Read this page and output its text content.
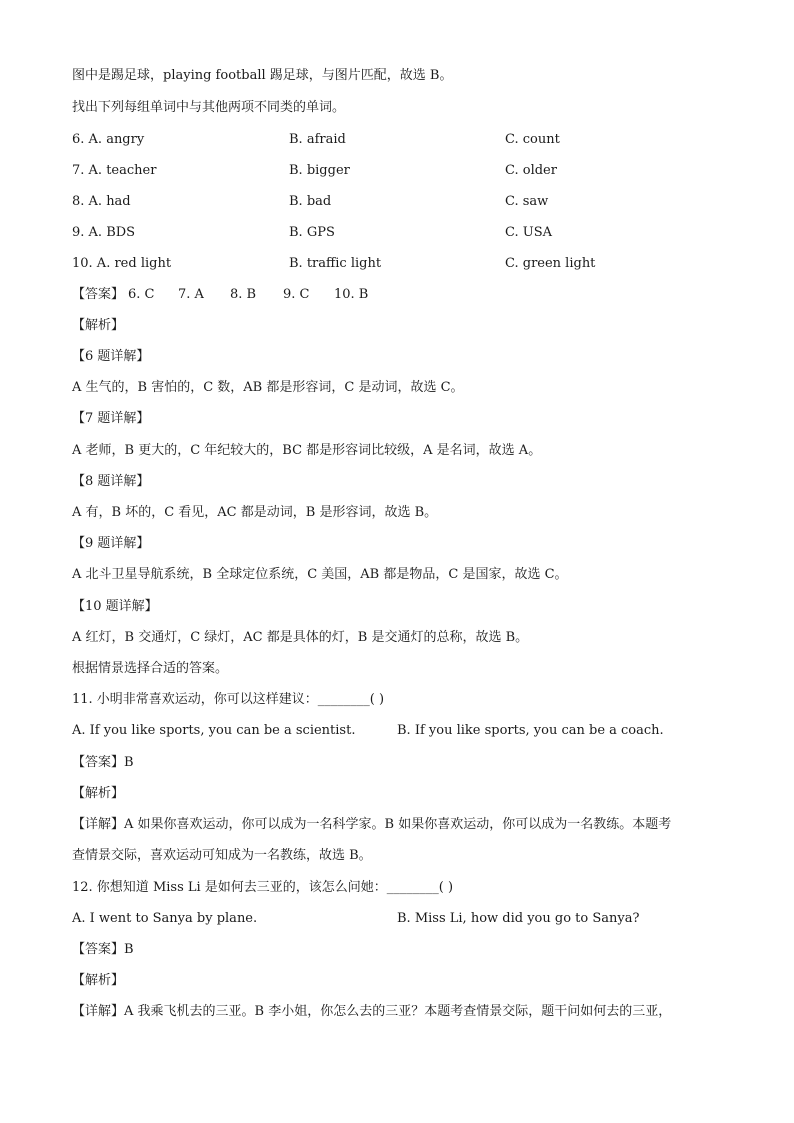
图中是踢足球，playing football 踢足球，与图片匹配，故选 B。
找出下列每组单词中与其他两项不同类的单词。
6. A. angry	B. afraid	C. count
7. A. teacher	B. bigger	C. older
8. A. had	B. bad	C. saw
9. A. BDS	B. GPS	C. USA
10. A. red light	B. traffic light	C. green light
【答案】 6. C 7. A 8. B 9. C 10. B
【解析】
【6 题详解】
A 生气的，B 害怕的，C 数，AB 都是形容词，C 是动词，故选 C。
【7 题详解】
A 老师，B 更大的，C 年纪较大的，BC 都是形容词比较级，A 是名词，故选 A。
【8 题详解】
A 有，B 坏的，C 看见，AC 都是动词，B 是形容词，故选 B。
【9 题详解】
A 北斗卫星导航系统，B 全球定位系统，C 美国，AB 都是物品，C 是国家，故选 C。
【10 题详解】
A 红灯，B 交通灯，C 绿灯，AC 都是具体的灯，B 是交通灯的总称，故选 B。
根据情景选择合适的答案。
11. 小明非常喜欢运动，你可以这样建议：________( )
A. If you like sports, you can be a scientist.	B. If you like sports, you can be a coach.
【答案】B
【解析】
【详解】A 如果你喜欢运动，你可以成为一名科学家。B 如果你喜欢运动，你可以成为一名教练。本题考
查情景交际，喜欢运动可知成为一名教练，故选 B。
12. 你想知道 Miss Li 是如何去三亚的，该怎么问她：________( )
A. I went to Sanya by plane.	B. Miss Li, how did you go to Sanya?
【答案】B
【解析】
【详解】A 我乘飞机去的三亚。B 李小姐，你怎么去的三亚？本题考查情景交际，题干问如何去的三亚，
